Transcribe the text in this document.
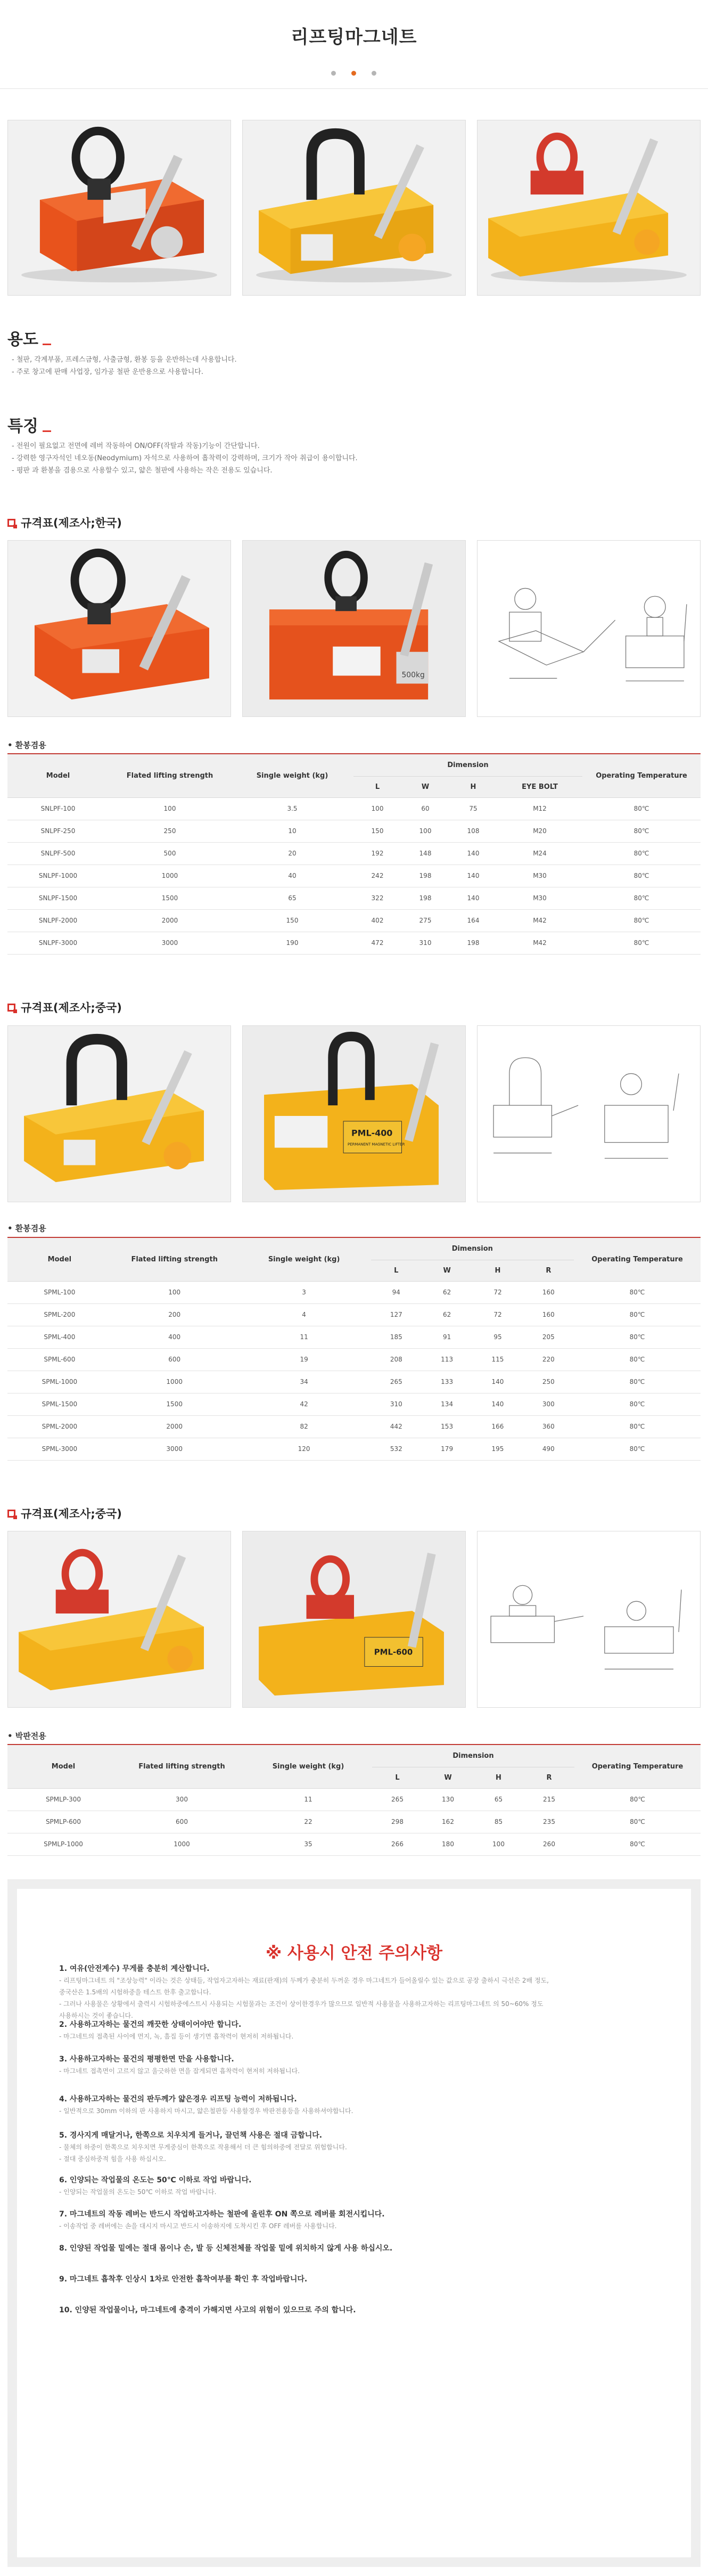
리프팅마그네트
용도
- 철판, 각계부품, 프레스금형, 사출금형, 환봉 등을 운반하는데 사용합니다.
- 주로 창고에 판매 사업장, 임가공 철판 운반용으로 사용합니다.
특징
- 전원이 필요없고 전면에 레버 작동하여 ON/OFF(작탈과 작동)기능이 간단합니다.
- 강력한 영구자석인 네오동(Neodymium) 자석으로 사용하여 흡착력이 강력하며, 크기가 작아 취급이 용이합니다.
- 평판 과 환봉을 겸용으로 사용할수 있고, 얇은 철판에 사용하는 작은 전용도 있습니다.
규격표(제조사;한국)
500kg
• 환봉겸용
Model	Flated lifting strength	Single weight (kg)	Dimension				Operating Temperature
			L	W	H	EYE BOLT	
SNLPF-100	100	3.5	100	60	75	M12	80℃
SNLPF-250	250	10	150	100	108	M20	80℃
SNLPF-500	500	20	192	148	140	M24	80℃
SNLPF-1000	1000	40	242	198	140	M30	80℃
SNLPF-1500	1500	65	322	198	140	M30	80℃
SNLPF-2000	2000	150	402	275	164	M42	80℃
SNLPF-3000	3000	190	472	310	198	M42	80℃
규격표(제조사;중국)
PML-400
PERMANENT MAGNETIC LIFTER
• 환봉겸용
Model	Flated lifting strength	Single weight (kg)	Dimension				Operating Temperature
			L	W	H	R	
SPML-100	100	3	94	62	72	160	80℃
SPML-200	200	4	127	62	72	160	80℃
SPML-400	400	11	185	91	95	205	80℃
SPML-600	600	19	208	113	115	220	80℃
SPML-1000	1000	34	265	133	140	250	80℃
SPML-1500	1500	42	310	134	140	300	80℃
SPML-2000	2000	82	442	153	166	360	80℃
SPML-3000	3000	120	532	179	195	490	80℃
규격표(제조사;중국)
PML-600
• 박판전용
Model	Flated lifting strength	Single weight (kg)	Dimension				Operating Temperature
			L	W	H	R	
SPMLP-300	300	11	265	130	65	215	80℃
SPMLP-600	600	22	298	162	85	235	80℃
SPMLP-1000	1000	35	266	180	100	260	80℃
※ 사용시 안전 주의사항
1. 여유(안전계수) 무게를 충분히 계산합니다.
- 리프팅마그네트 의 "조상능력" 이라는 것은 상태들, 작업자고자하는 재료(판재)의 두께가 충분히 두꺼운 경우 마그네트가 들어올릴수 있는 값으로 공장 출하시 극선은 2배 정도,
중국산은 1.5배의 시험하중을 테스트 한후 출고합니다.
- 그러나 사용물은 상황에서 출력시 시험하중에스트시 사용되는 시험물과는 조건이 상이한경우가 많으므로 일반적 사용물을 사용하고자하는 리프팅마그네트 의 50~60% 정도
사용하시는 것이 좋습니다.
2. 사용하고자하는 물건의 깨끗한 상태이어야만 합니다.
- 마그네트의 접촉된 사이에 먼지, 녹, 흠집 등이 생기면 흡착력이 현저히 저하됩니다.
3. 사용하고자하는 물건의 평평한면 만을 사용합니다.
- 마그네트 접촉면이 고르지 않고 울긋하한 면을 잡게되면 흡착력이 현저히 저하됩니다.
4. 사용하고자하는 물건의 판두께가 얇은경우 리프팅 능력이 저하됩니다.
- 일반적으로 30mm 이하의 판 사용하지 마시고, 얇은철판등 사용할경우 박판전용등을 사용하셔야합니다.
5. 경사지게 매달거나, 한쪽으로 치우치게 들거나, 끌던책 사용은 절대 금합니다.
- 물체의 하중이 한쪽으로 치우치면 무게중심이 한쪽으로 작용해서 더 큰 힘의하중에 전달로 위험합니다.
- 절대 중심하중적 힘을 사용 하십시오.
6. 인양되는 작업물의 온도는 50℃ 이하로 작업 바랍니다.
- 인양되는 작업물의 온도는 50℃ 이하로 작업 바랍니다.
7. 마그네트의 작동 레버는 반드시 작업하고자하는 철판에 올린후 ON 쪽으로 레버를 회전시킵니다.
- 이송작업 중 레버에는 손을 대시지 마시고 반드시 이송하지에 도착시킨 후 OFF 레버를 사용합니다.
8. 인양된 작업물 밑에는 절대 몸이나 손, 발 등 신체전체를 작업물 밑에 위치하지 않게 사용 하십시오.
9. 마그네트 흡착후 인상시 1차로 안전한 흡착여부를 확인 후 작업바랍니다.
10. 인양된 작업물이나, 마그네트에 충격이 가해지면 사고의 위험이 있으므로 주의 합니다.
